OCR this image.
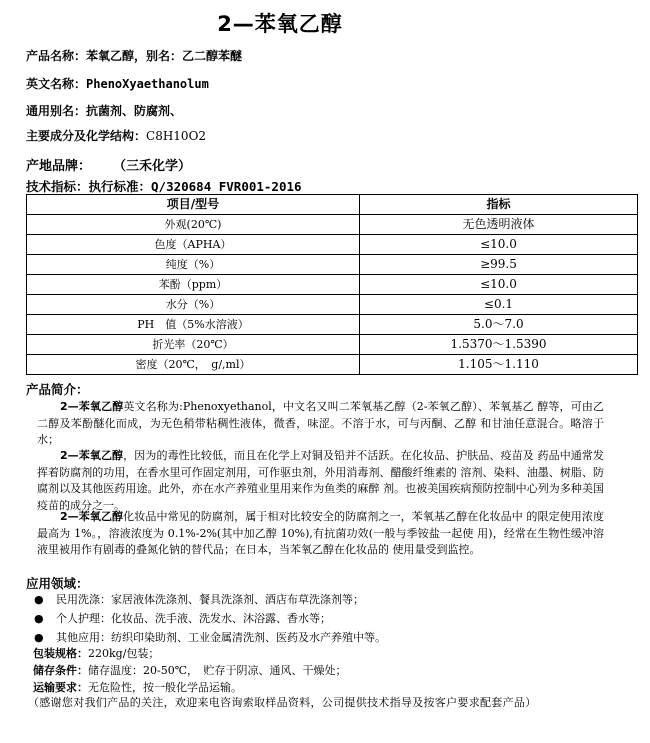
2—苯氧乙醇
产品名称：苯氧乙醇，别名：乙二醇苯醚
英文名称：PhenoXyaethanolum
通用别名：抗菌剂、防腐剂、
主要成分及化学结构：C8H10O2
产地品牌： （三禾化学）
技术指标：执行标准：Q/320684 FVR001-2016
项目/型号	指标
外观(20℃)	无色透明液体
色度（APHA）	≤10.0
纯度（%）	≥99.5
苯酚（ppm）	≤10.0
水分（%）	≤0.1
PH　值（5%水溶液）	5.0～7.0
折光率（20℃）	1.5370～1.5390
密度（20℃，　g/,ml）	1.105～1.110
产品简介：
2—苯氧乙醇英文名称为:Phenoxyethanol，中文名又叫二苯氧基乙醇（2-苯氧乙醇）、苯氧基乙 醇等，可由乙二醇及苯酚醚化而成，为无色稍带粘稠性液体，微香，味涩。不溶于水，可与丙酮、乙醇 和甘油任意混合。略溶于水；
2—苯氧乙醇，因为的毒性比较低，而且在化学上对铜及铅并不活跃。在化妆品、护肤品、疫苗及 药品中通常发挥着防腐剂的功用，在香水里可作固定剂用，可作驱虫剂，外用消毒剂、醋酸纤维素的 溶剂、染料、油墨、树脂、防腐剂以及其他医药用途。此外，亦在水产养殖业里用来作为鱼类的麻醉 剂。也被美国疾病预防控制中心列为多种美国疫苗的成分之一。
2—苯氧乙醇化妆品中常见的防腐剂，属于相对比较安全的防腐剂之一，苯氧基乙醇在化妆品中 的限定使用浓度最高为 1%。，溶液浓度为 0.1%-2%(其中加乙醇 10%),有抗菌功效(一般与季铵盐一起使 用)，经常在生物性缓冲溶液里被用作有剧毒的叠氮化钠的替代品；在日本，当苯氧乙醇在化妆品的 使用量受到监控。
应用领域：
● 民用洗涤：家居液体洗涤剂、餐具洗涤剂、酒店布草洗涤剂等；
● 个人护理：化妆品、洗手液、洗发水、沐浴露、香水等；
● 其他应用：纺织印染助剂、工业金属清洗剂、医药及水产养殖中等。
包装规格：220kg/包装；
储存条件：储存温度：20-50℃，　贮存于阴凉、通风、干燥处；
运输要求：无危险性，按一般化学品运输。
（感谢您对我们产品的关注，欢迎来电咨询索取样品资料，公司提供技术指导及按客户要求配套产品）
